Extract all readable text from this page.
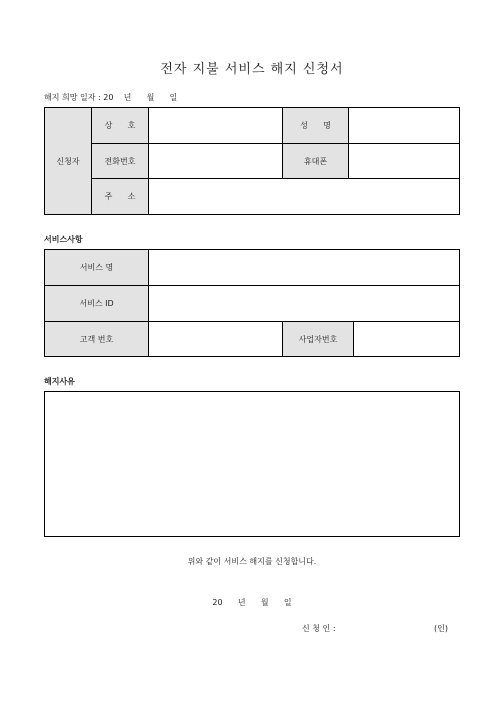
전자 지불 서비스 해지 신청서
해지 희망 일자 : 20    년      월      일
신청자
상      호	성      명
전화번호	휴대폰
주      소
서비스사항
서비스 명
서비스 ID
고객 번호	사업자번호
해지사유
위와 같이 서비스 해지를 신청합니다.
20      년      월      일
신 청 인 :	(인)
